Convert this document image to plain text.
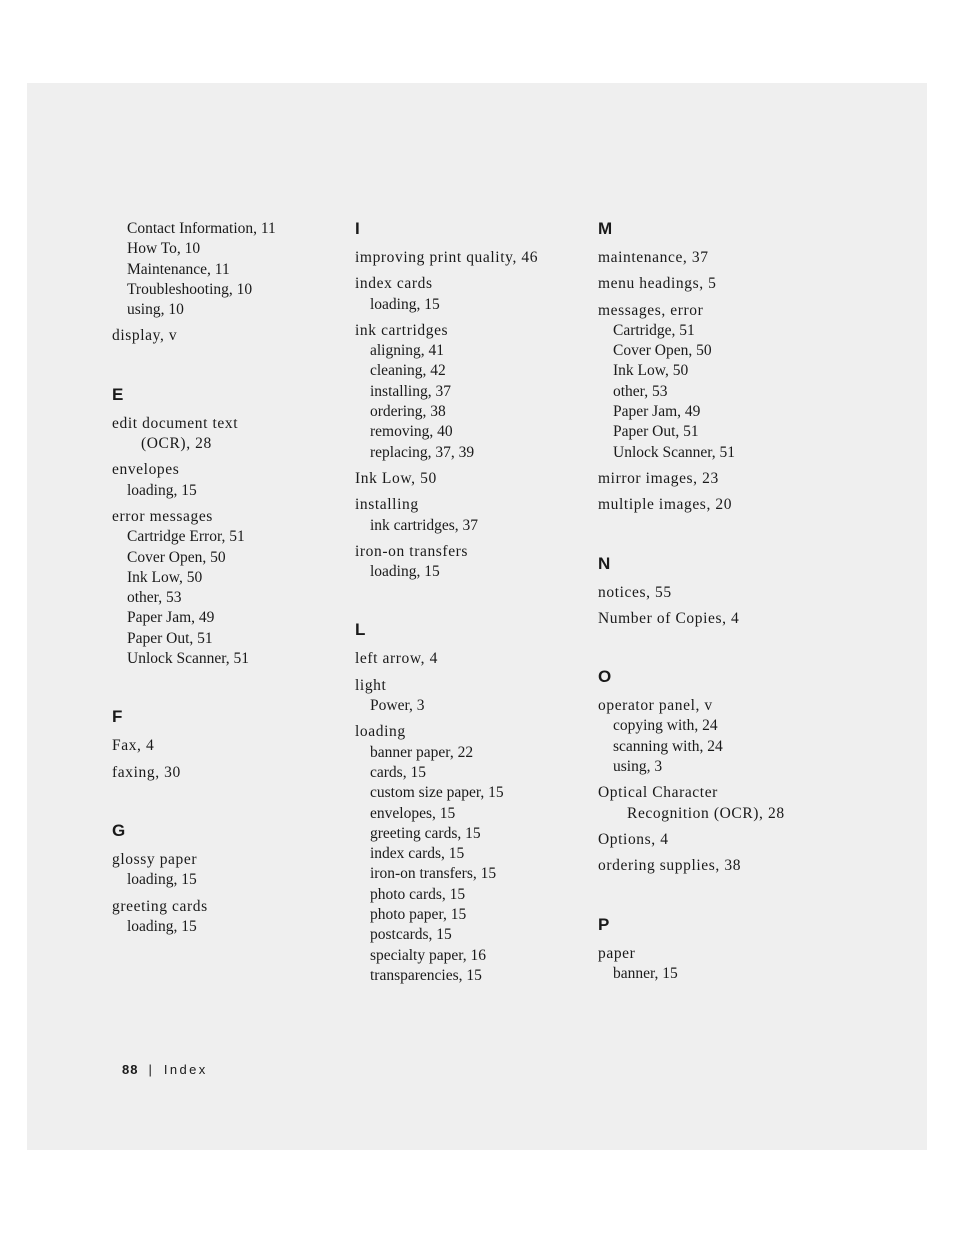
Contact Information, 11
How To, 10
Maintenance, 11
Troubleshooting, 10
using, 10
display, v
E
edit document text
(OCR), 28
envelopes
loading, 15
error messages
Cartridge Error, 51
Cover Open, 50
Ink Low, 50
other, 53
Paper Jam, 49
Paper Out, 51
Unlock Scanner, 51
F
Fax, 4
faxing, 30
G
glossy paper
loading, 15
greeting cards
loading, 15
I
improving print quality, 46
index cards
loading, 15
ink cartridges
aligning, 41
cleaning, 42
installing, 37
ordering, 38
removing, 40
replacing, 37, 39
Ink Low, 50
installing
ink cartridges, 37
iron-on transfers
loading, 15
L
left arrow, 4
light
Power, 3
loading
banner paper, 22
cards, 15
custom size paper, 15
envelopes, 15
greeting cards, 15
index cards, 15
iron-on transfers, 15
photo cards, 15
photo paper, 15
postcards, 15
specialty paper, 16
transparencies, 15
M
maintenance, 37
menu headings, 5
messages, error
Cartridge, 51
Cover Open, 50
Ink Low, 50
other, 53
Paper Jam, 49
Paper Out, 51
Unlock Scanner, 51
mirror images, 23
multiple images, 20
N
notices, 55
Number of Copies, 4
O
operator panel, v
copying with, 24
scanning with, 24
using, 3
Optical Character
Recognition (OCR), 28
Options, 4
ordering supplies, 38
P
paper
banner, 15
88 | Index
